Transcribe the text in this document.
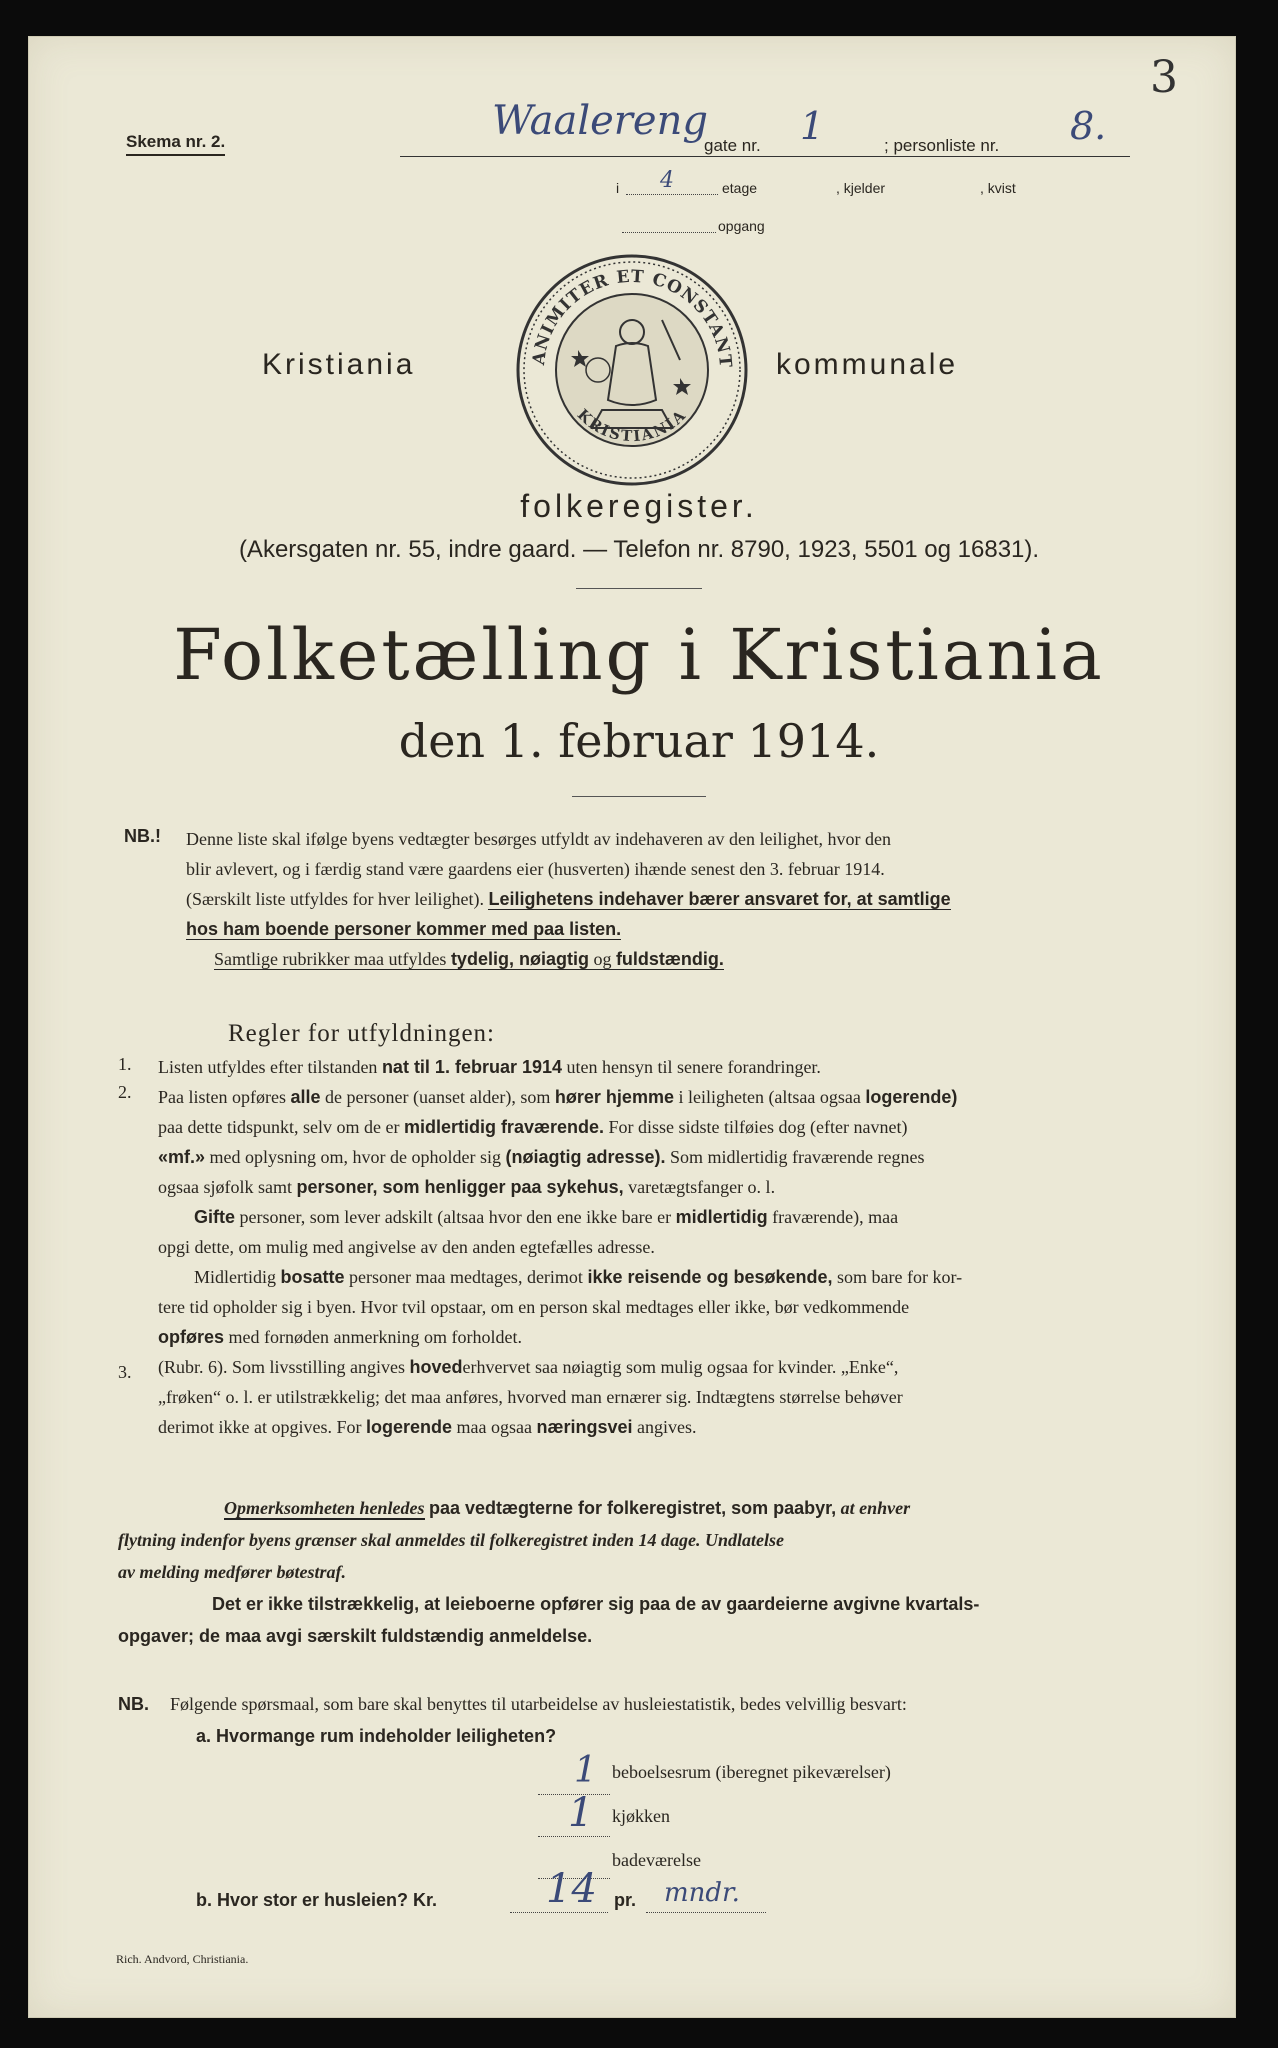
Skema nr. 2.	Waalereng
gate nr. 1	; personliste nr. 8.
3
i 4	etage	, kjelder	, kvist
opgang
Kristiania	ANIMITER ET CONSTANT
KRISTIANIA
kommunale
folkeregister.
(Akersgaten nr. 55, indre gaard. — Telefon nr. 8790, 1923, 5501 og 16831).
Folketælling i Kristiania
den 1. februar 1914.
NB.! Denne liste skal ifølge byens vedtægter besørges utfyldt av indehaveren av den leilighet, hvor den

blir avlevert, og i færdig stand være gaardens eier (husverten) ihænde senest den 3. februar 1914.

(Særskilt liste utfyldes for hver leilighet). Leilighetens indehaver bærer ansvaret for, at samtlige

hos ham boende personer kommer med paa listen.

Samtlige rubrikker maa utfyldes tydelig, nøiagtig og fuldstændig.

Regler for utfyldningen:
1.
2.
3.

Listen utfyldes efter tilstanden nat til 1. februar 1914 uten hensyn til senere forandringer.

Paa listen opføres alle de personer (uanset alder), som hører hjemme i leiligheten (altsaa ogsaa logerende)

paa dette tidspunkt, selv om de er midlertidig fraværende. For disse sidste tilføies dog (efter navnet)

«mf.» med oplysning om, hvor de opholder sig (nøiagtig adresse). Som midlertidig fraværende regnes

ogsaa sjøfolk samt personer, som henligger paa sykehus, varetægtsfanger o. l.

Gifte personer, som lever adskilt (altsaa hvor den ene ikke bare er midlertidig fraværende), maa

opgi dette, om mulig med angivelse av den anden egtefælles adresse.

Midlertidig bosatte personer maa medtages, derimot ikke reisende og besøkende, som bare for kor-

tere tid opholder sig i byen. Hvor tvil opstaar, om en person skal medtages eller ikke, bør vedkommende

opføres med fornøden anmerkning om forholdet.

(Rubr. 6). Som livsstilling angives hovederhvervet saa nøiagtig som mulig ogsaa for kvinder. „Enke“,

„frøken“ o. l. er utilstrækkelig; det maa anføres, hvorved man ernærer sig. Indtægtens størrelse behøver

derimot ikke at opgives. For logerende maa ogsaa næringsvei angives.

Opmerksomheten henledes paa vedtægterne for folkeregistret, som paabyr, at enhver

flytning indenfor byens grænser skal anmeldes til folkeregistret inden 14 dage. Undlatelse

av melding medfører bøtestraf.

Det er ikke tilstrækkelig, at leieboerne opfører sig paa de av gaardeierne avgivne kvartals-

opgaver; de maa avgi særskilt fuldstændig anmeldelse.

NB. Følgende spørsmaal, som bare skal benyttes til utarbeidelse av husleiestatistik, bedes velvillig besvart:
a. Hvormange rum indeholder leiligheten?
1 beboelsesrum (iberegnet pikeværelser)
1 kjøkken
badeværelse
b. Hvor stor er husleien? Kr.	14 pr. mndr.
Rich. Andvord, Christiania.
